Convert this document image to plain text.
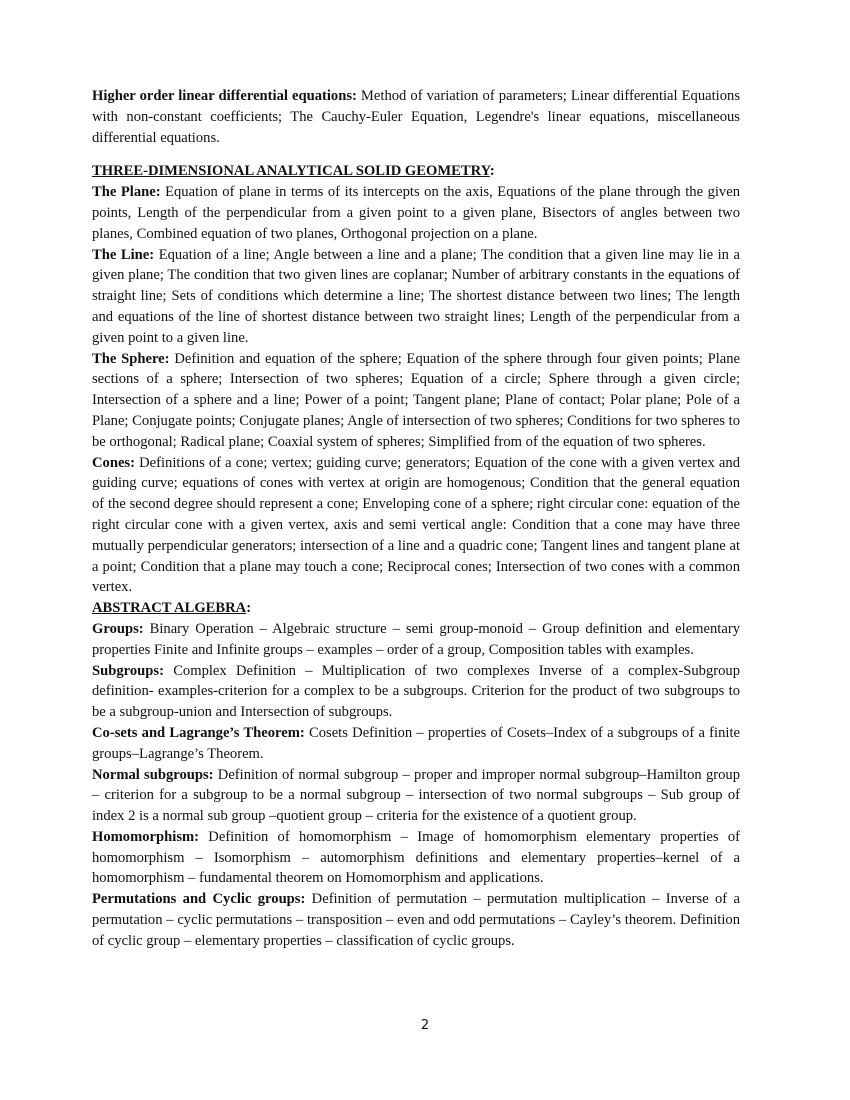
Higher order linear differential equations: Method of variation of parameters; Linear differential Equations with non-constant coefficients; The Cauchy-Euler Equation, Legendre's linear equations, miscellaneous differential equations.

THREE-DIMENSIONAL ANALYTICAL SOLID GEOMETRY:

The Plane: Equation of plane in terms of its intercepts on the axis, Equations of the plane through the given points, Length of the perpendicular from a given point to a given plane, Bisectors of angles between two planes, Combined equation of two planes, Orthogonal projection on a plane.

The Line: Equation of a line; Angle between a line and a plane; The condition that a given line may lie in a given plane; The condition that two given lines are coplanar; Number of arbitrary constants in the equations of straight line; Sets of conditions which determine a line; The shortest distance between two lines; The length and equations of the line of shortest distance between two straight lines; Length of the perpendicular from a given point to a given line.

The Sphere: Definition and equation of the sphere; Equation of the sphere through four given points; Plane sections of a sphere; Intersection of two spheres; Equation of a circle; Sphere through a given circle; Intersection of a sphere and a line; Power of a point; Tangent plane; Plane of contact; Polar plane; Pole of a Plane; Conjugate points; Conjugate planes; Angle of intersection of two spheres; Conditions for two spheres to be orthogonal; Radical plane; Coaxial system of spheres; Simplified from of the equation of two spheres.

Cones: Definitions of a cone; vertex; guiding curve; generators; Equation of the cone with a given vertex and guiding curve; equations of cones with vertex at origin are homogenous; Condition that the general equation of the second degree should represent a cone; Enveloping cone of a sphere; right circular cone: equation of the right circular cone with a given vertex, axis and semi vertical angle: Condition that a cone may have three mutually perpendicular generators; intersection of a line and a quadric cone; Tangent lines and tangent plane at a point; Condition that a plane may touch a cone; Reciprocal cones; Intersection of two cones with a common vertex.

ABSTRACT ALGEBRA:

Groups: Binary Operation – Algebraic structure – semi group-monoid – Group definition and elementary properties Finite and Infinite groups – examples – order of a group, Composition tables with examples.

Subgroups: Complex Definition – Multiplication of two complexes Inverse of a complex-Subgroup definition- examples-criterion for a complex to be a subgroups. Criterion for the product of two subgroups to be a subgroup-union and Intersection of subgroups.

Co-sets and Lagrange’s Theorem: Cosets Definition – properties of Cosets–Index of a subgroups of a finite groups–Lagrange’s Theorem.

Normal subgroups: Definition of normal subgroup – proper and improper normal subgroup–Hamilton group – criterion for a subgroup to be a normal subgroup – intersection of two normal subgroups – Sub group of index 2 is a normal sub group –quotient group – criteria for the existence of a quotient group.

Homomorphism: Definition of homomorphism – Image of homomorphism elementary properties of homomorphism – Isomorphism – automorphism definitions and elementary properties–kernel of a homomorphism – fundamental theorem on Homomorphism and applications.

Permutations and Cyclic groups: Definition of permutation – permutation multiplication – Inverse of a permutation – cyclic permutations – transposition – even and odd permutations – Cayley’s theorem. Definition of cyclic group – elementary properties – classification of cyclic groups.

2
